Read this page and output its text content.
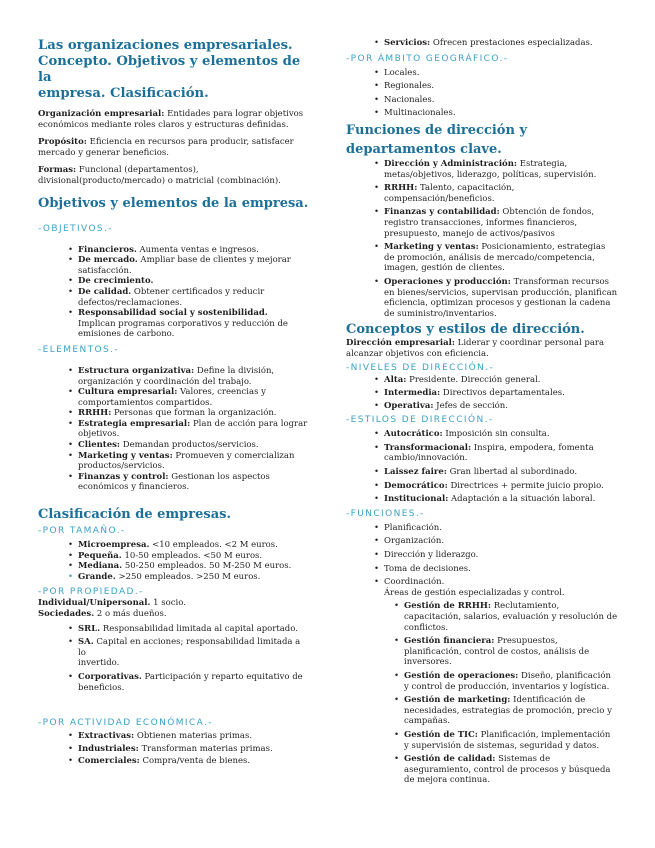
Las organizaciones empresariales.

Concepto. Objetivos y elementos de la

empresa. Clasificación.

Organización empresarial: Entidades para lograr objetivos
económicos mediante roles claros y estructuras definidas.

Propósito: Eficiencia en recursos para producir, satisfacer
mercado y generar beneficios.

Formas: Funcional (departamentos),
divisional(producto/mercado) o matricial (combinación).

Objetivos y elementos de la empresa.

-OBJETIVOS.-

• Financieros. Aumenta ventas e ingresos.
• De mercado. Ampliar base de clientes y mejorar
satisfacción.
• De crecimiento.
• De calidad. Obtener certificados y reducir
defectos/reclamaciones.
• Responsabilidad social y sostenibilidad.
Implican programas corporativos y reducción de
emisiones de carbono.

-ELEMENTOS.-

• Estructura organizativa: Define la división,
organización y coordinación del trabajo.
• Cultura empresarial: Valores, creencias y
comportamientos compartidos.
• RRHH: Personas que forman la organización.
• Estrategia empresarial: Plan de acción para lograr
objetivos.
• Clientes: Demandan productos/servicios.
• Marketing y ventas: Promueven y comercializan
productos/servicios.
• Finanzas y control: Gestionan los aspectos
económicos y financieros.

Clasificación de empresas.

-POR TAMAÑO.-

• Microempresa. <10 empleados. <2 M euros.
• Pequeña. 10-50 empleados. <50 M euros.
• Mediana. 50-250 empleados. 50 M-250 M euros.
• Grande. >250 empleados. >250 M euros.

-POR PROPIEDAD.-

Individual/Unipersonal. 1 socio.

Sociedades. 2 o más dueños.

• SRL. Responsabilidad limitada al capital aportado.
• SA. Capital en acciones; responsabilidad limitada a lo
invertido.
• Corporativas. Participación y reparto equitativo de
beneficios.

-POR ACTIVIDAD ECONÓMICA.-

• Extractivas: Obtienen materias primas.
• Industriales: Transforman materias primas.
• Comerciales: Compra/venta de bienes.
• Servicios: Ofrecen prestaciones especializadas.

-POR ÁMBITO GEOGRÁFICO.-

• Locales.
• Regionales.
• Nacionales.
• Multinacionales.

Funciones de dirección y

departamentos clave.

• Dirección y Administración: Estrategia,
metas/objetivos, liderazgo, políticas, supervisión.
• RRHH: Talento, capacitación,
compensación/beneficios.
• Finanzas y contabilidad: Obtención de fondos,
registro transacciones, informes financieros,
presupuesto, manejo de activos/pasivos
• Marketing y ventas: Posicionamiento, estrategias
de promoción, análisis de mercado/competencia,
imagen, gestión de clientes.
• Operaciones y producción: Transforman recursos
en bienes/servicios, supervisan producción, planifican
eficiencia, optimizan procesos y gestionan la cadena
de suministro/inventarios.

Conceptos y estilos de dirección.

Dirección empresarial: Liderar y coordinar personal para
alcanzar objetivos con eficiencia.

-NIVELES DE DIRECCIÓN.-

• Alta: Presidente. Dirección general.
• Intermedia: Directivos departamentales.
• Operativa: Jefes de sección.

-ESTILOS DE DIRECCIÓN.-

• Autocrático: Imposición sin consulta.
• Transformacional: Inspira, empodera, fomenta
cambio/innovación.
• Laissez faire: Gran libertad al subordinado.
• Democrático: Directrices + permite juicio propio.
• Institucional: Adaptación a la situación laboral.

-FUNCIONES.-

• Planificación.
• Organización.
• Dirección y liderazgo.
• Toma de decisiones.
• Coordinación.
Áreas de gestión especializadas y control.
• Gestión de RRHH: Reclutamiento,
capacitación, salarios, evaluación y resolución de
conflictos.
• Gestión financiera: Presupuestos,
planificación, control de costos, análisis de
inversores.
• Gestión de operaciones: Diseño, planificación
y control de producción, inventarios y logística.
• Gestión de marketing: Identificación de
necesidades, estrategias de promoción, precio y
campañas.
• Gestión de TIC: Planificación, implementación
y supervisión de sistemas, seguridad y datos.
• Gestión de calidad: Sistemas de
aseguramiento, control de procesos y búsqueda
de mejora continua.
